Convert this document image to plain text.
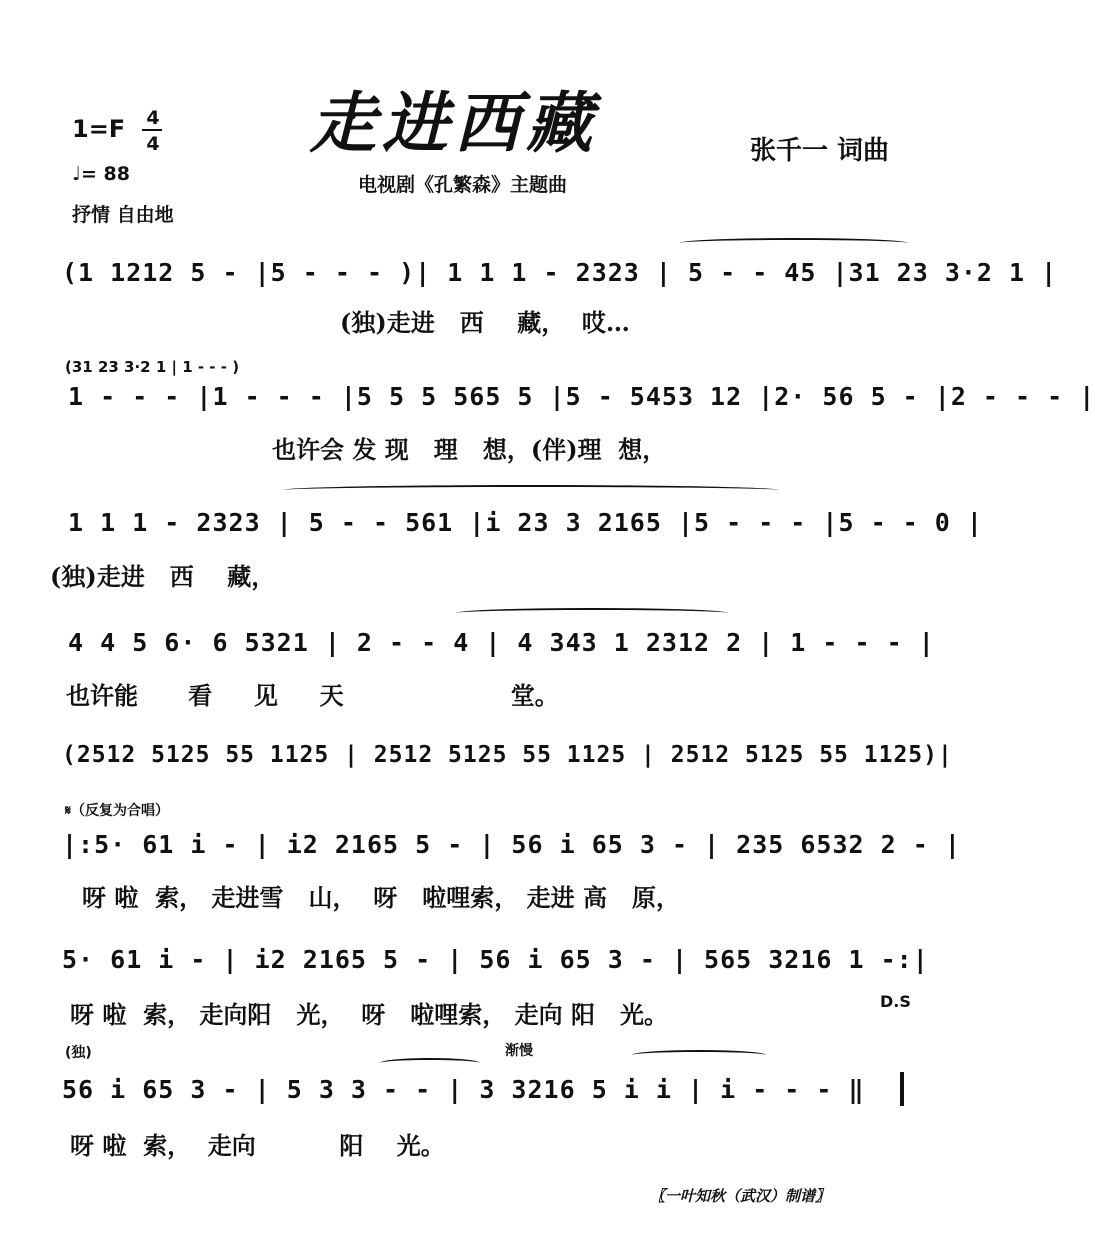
走进西藏
电视剧《孔繁森》主题曲
张千一 词曲
1=F 4
4
♩= 88
抒情 自由地
(1 1212 5 - |5 - - - )| 1 1 1 - 2323 | 5 - - 45 |31 23 3·2 1 |
(独)走进   西    藏，  哎…
(31 23 3·2 1 | 1 - - - )
1 - - - |1 - - - |5 5 5 565 5 |5 - 5453 12 |2· 56 5 - |2 - - - |
也许会 发 现   理   想，(伴)理  想，
1 1 1 - 2323 | 5 - - 561 |i 23 3 2165 |5 - - - |5 - - 0 |
(独)走进   西    藏，
4 4 5 6· 6 5321 | 2 - - 4 | 4 343 1 2312 2 | 1 - - - |
也许能      看     见     天                    堂。
(2512 5125 55 1125 | 2512 5125 55 1125 | 2512 5125 55 1125)|
𝄋（反复为合唱）
|:5· 61 i - | i2 2165 5 - | 56 i 65 3 - | 235 6532 2 - |
呀 啦  索， 走进雪   山，  呀   啦哩索， 走进 高   原，
5· 61 i - | i2 2165 5 - | 56 i 65 3 - | 565 3216 1 -:|
呀 啦  索， 走向阳   光，  呀   啦哩索， 走向 阳   光。	D.S
(独)	渐慢
56 i 65 3 - | 5 3 3 - - | 3 3216 5 i i | i - - - ‖
呀 啦  索，  走向          阳    光。
〖一叶知秋（武汉）制谱〗
